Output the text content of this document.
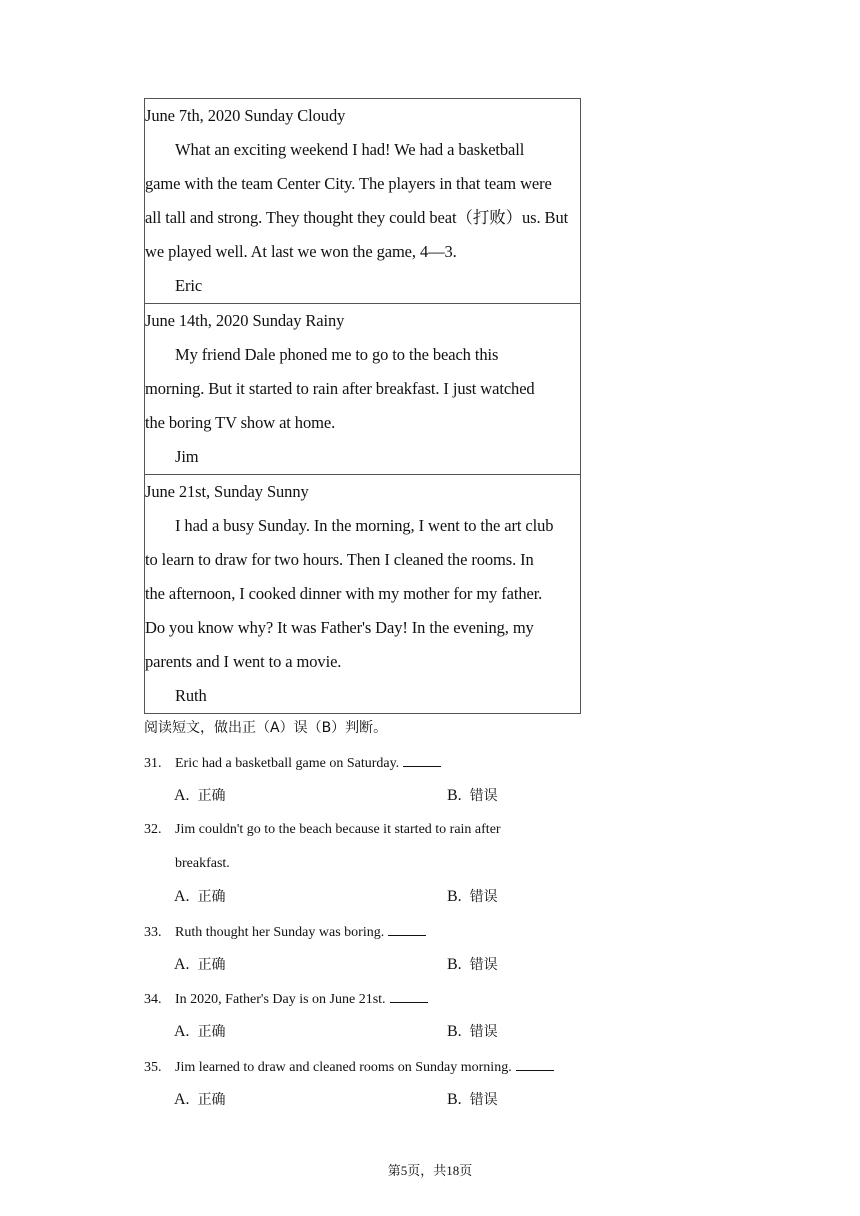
June 7th, 2020 Sunday Cloudy
What an exciting weekend I had! We had a basketball
game with the team Center City. The players in that team were
all tall and strong. They thought they could beat（打败）us. But
we played well. At last we won the game, 4—3.
Eric
June 14th, 2020 Sunday Rainy
My friend Dale phoned me to go to the beach this
morning. But it started to rain after breakfast. I just watched
the boring TV show at home.
Jim
June 21st, Sunday Sunny
I had a busy Sunday. In the morning, I went to the art club
to learn to draw for two hours. Then I cleaned the rooms. In
the afternoon, I cooked dinner with my mother for my father.
Do you know why? It was Father's Day! In the evening, my
parents and I went to a movie.
Ruth
阅读短文，做出正（A）误（B）判断。
31. Eric had a basketball game on Saturday.
A. 正确	B. 错误
32. Jim couldn't go to the beach because it started to rain after
breakfast.
A. 正确	B. 错误
33. Ruth thought her Sunday was boring.
A. 正确	B. 错误
34. In 2020, Father's Day is on June 21st.
A. 正确	B. 错误
35. Jim learned to draw and cleaned rooms on Sunday morning.
A. 正确	B. 错误
第5页，共18页
